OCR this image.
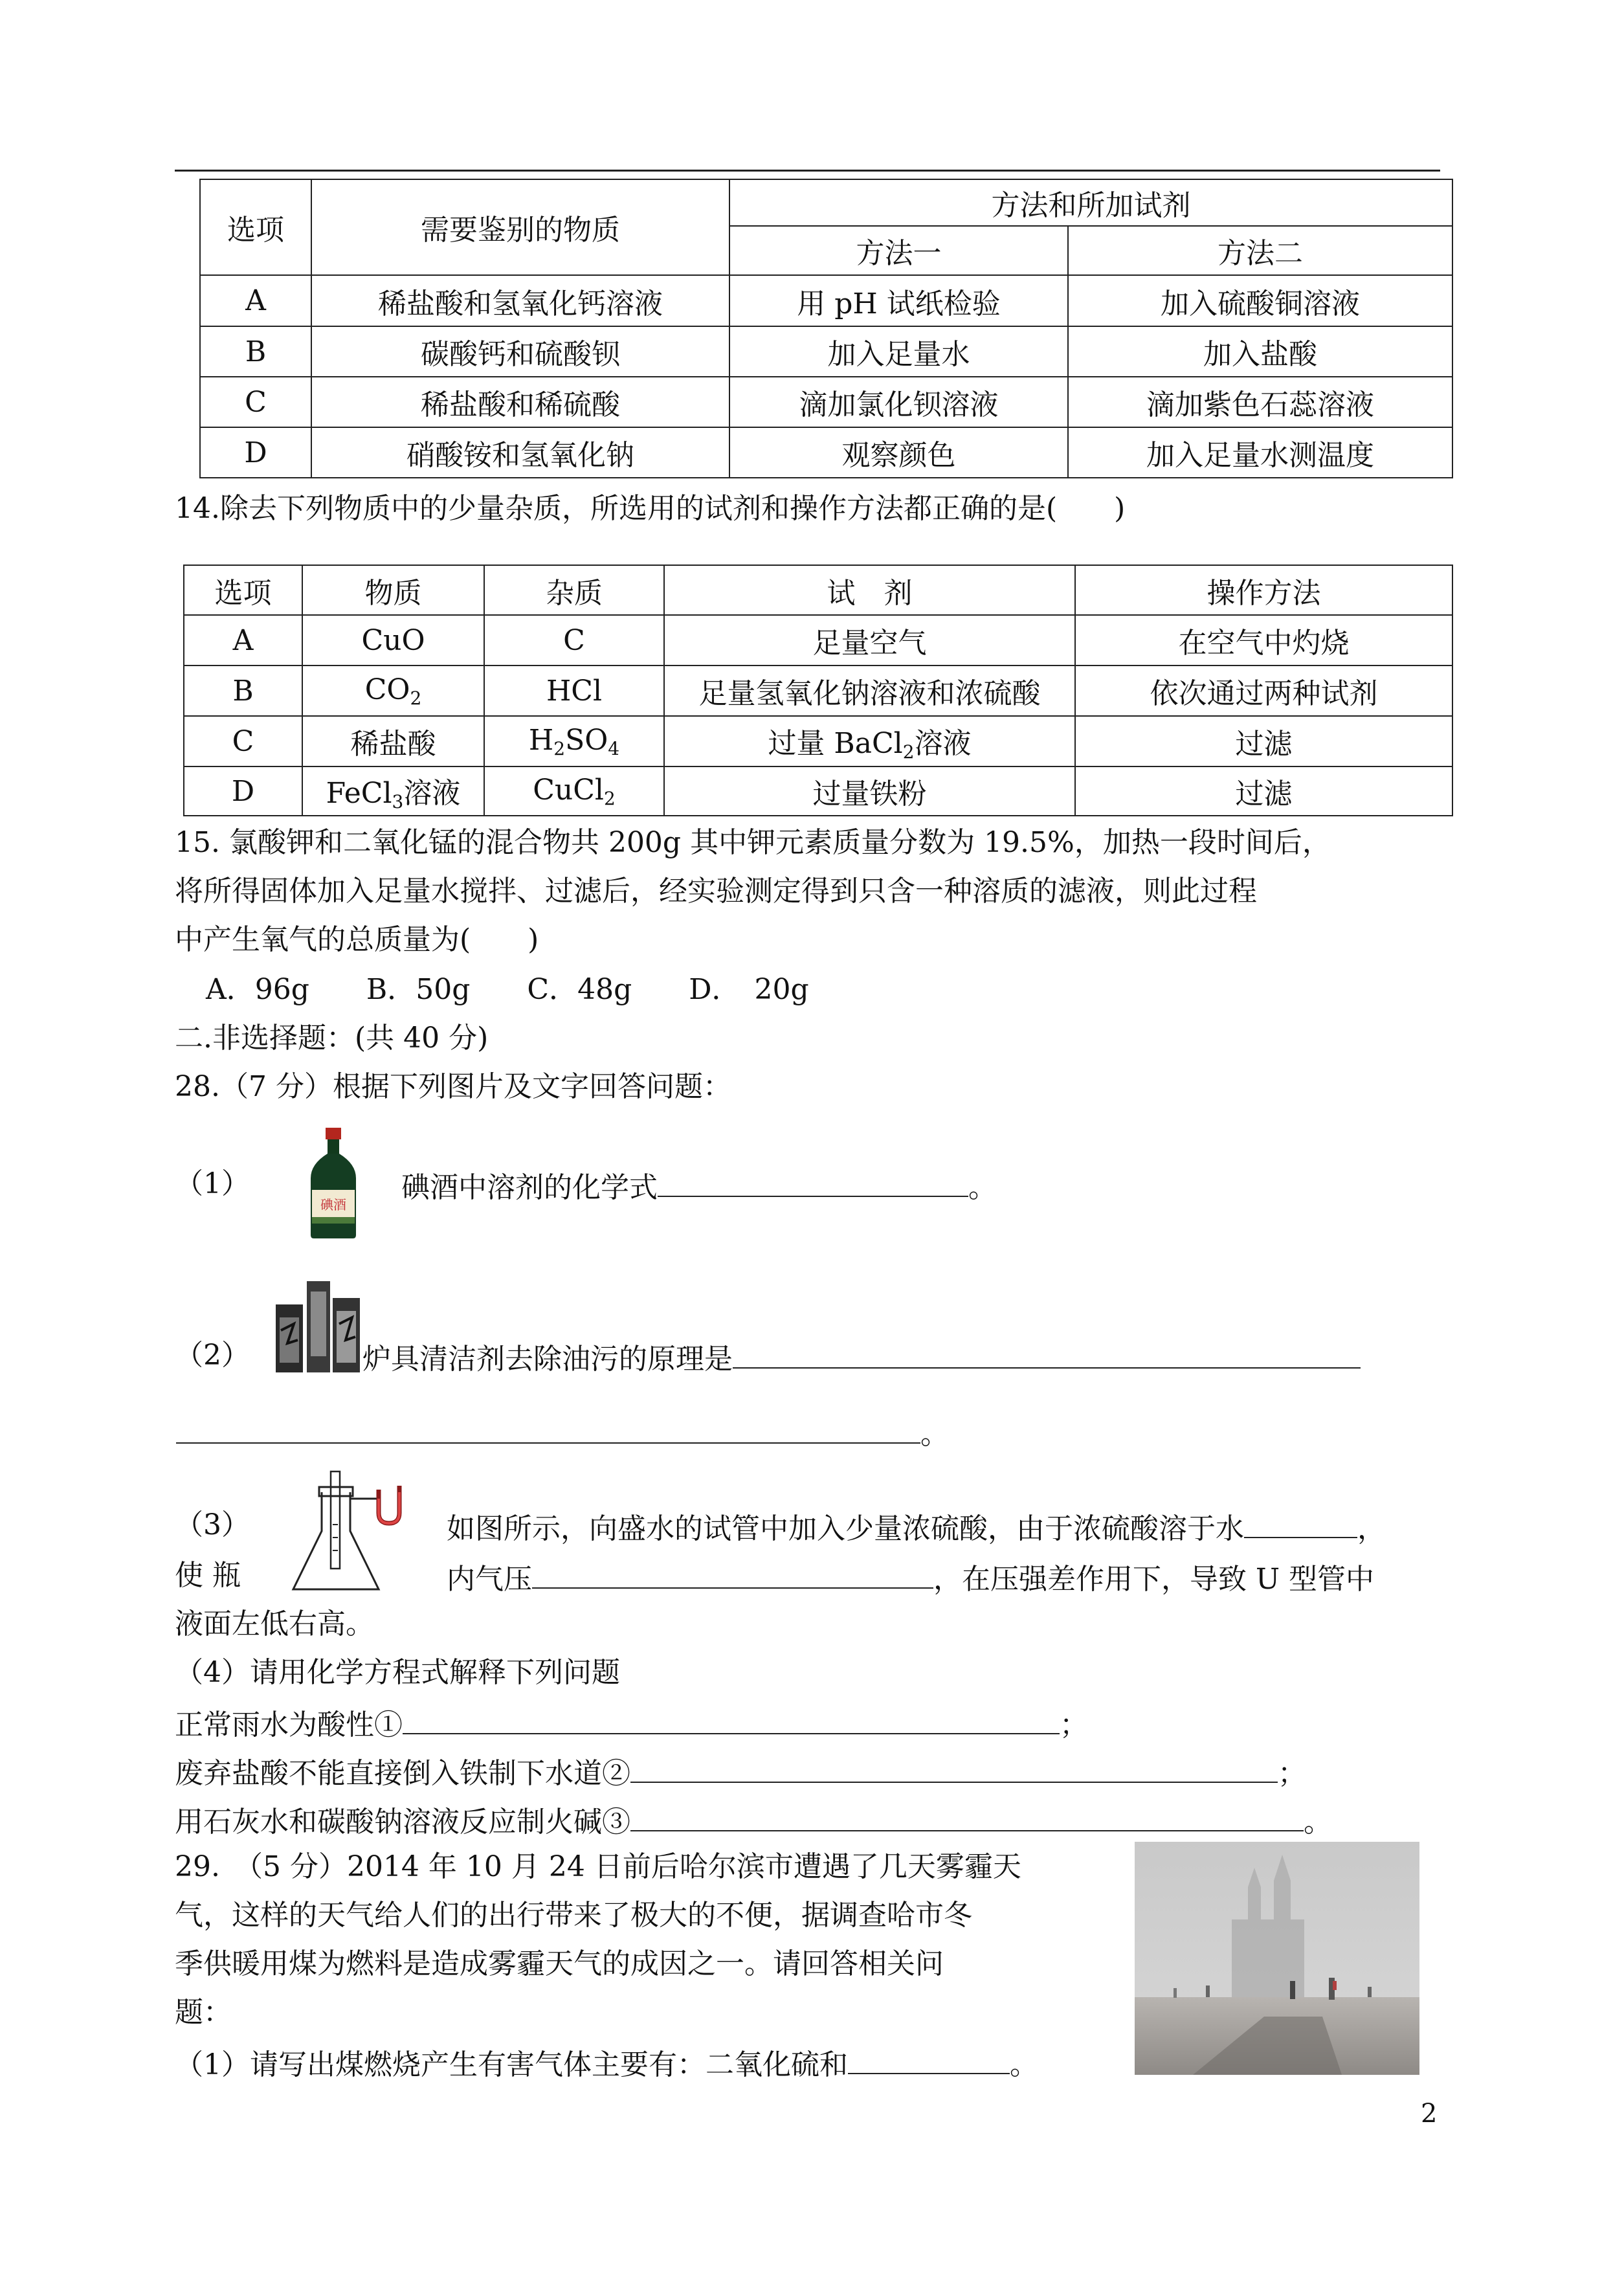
选项	需要鉴别的物质	方法和所加试剂	
		方法一	方法二
A	稀盐酸和氢氧化钙溶液	用 pH 试纸检验	加入硫酸铜溶液
B	碳酸钙和硫酸钡	加入足量水	加入盐酸
C	稀盐酸和稀硫酸	滴加氯化钡溶液	滴加紫色石蕊溶液
D	硝酸铵和氢氧化钠	观察颜色	加入足量水测温度
14.除去下列物质中的少量杂质，所选用的试剂和操作方法都正确的是(　　)
选项	物质	杂质	试　剂	操作方法
A	CuO	C	足量空气	在空气中灼烧
B	$CO_2$	HCl	足量氢氧化钠溶液和浓硫酸	依次通过两种试剂
C	稀盐酸	$H_2SO_4$	过量 BaCl$_2$溶液	过滤
D	FeCl$_3$溶液	CuCl$_2$	过量铁粉	过滤
15. 氯酸钾和二氧化锰的混合物共 200g 其中钾元素质量分数为 19.5%，加热一段时间后，
将所得固体加入足量水搅拌、过滤后，经实验测定得到只含一种溶质的滤液，则此过程
中产生氧气的总质量为(　　)
A．96g　　B．50g　　C．48g　　D．　20g
二.非选择题：(共 40 分)
28.（7 分）根据下列图片及文字回答问题：
（1）
碘酒
碘酒中溶剂的化学式	。
（2）	炉具清洁剂去除油污的原理是
。
（3）	如图所示，向盛水的试管中加入少量浓硫酸，由于浓硫酸溶于水	，
使 瓶	内气压	，在压强差作用下，导致 U 型管中
液面左低右高。
（4）请用化学方程式解释下列问题
正常雨水为酸性①	；
废弃盐酸不能直接倒入铁制下水道②	；
用石灰水和碳酸钠溶液反应制火碱③	。
29.　（5 分）2014 年 10 月 24 日前后哈尔滨市遭遇了几天雾霾天
气，这样的天气给人们的出行带来了极大的不便，据调查哈市冬
季供暖用煤为燃料是造成雾霾天气的成因之一。请回答相关问
题：
（1）请写出煤燃烧产生有害气体主要有：二氧化硫和	。
2
